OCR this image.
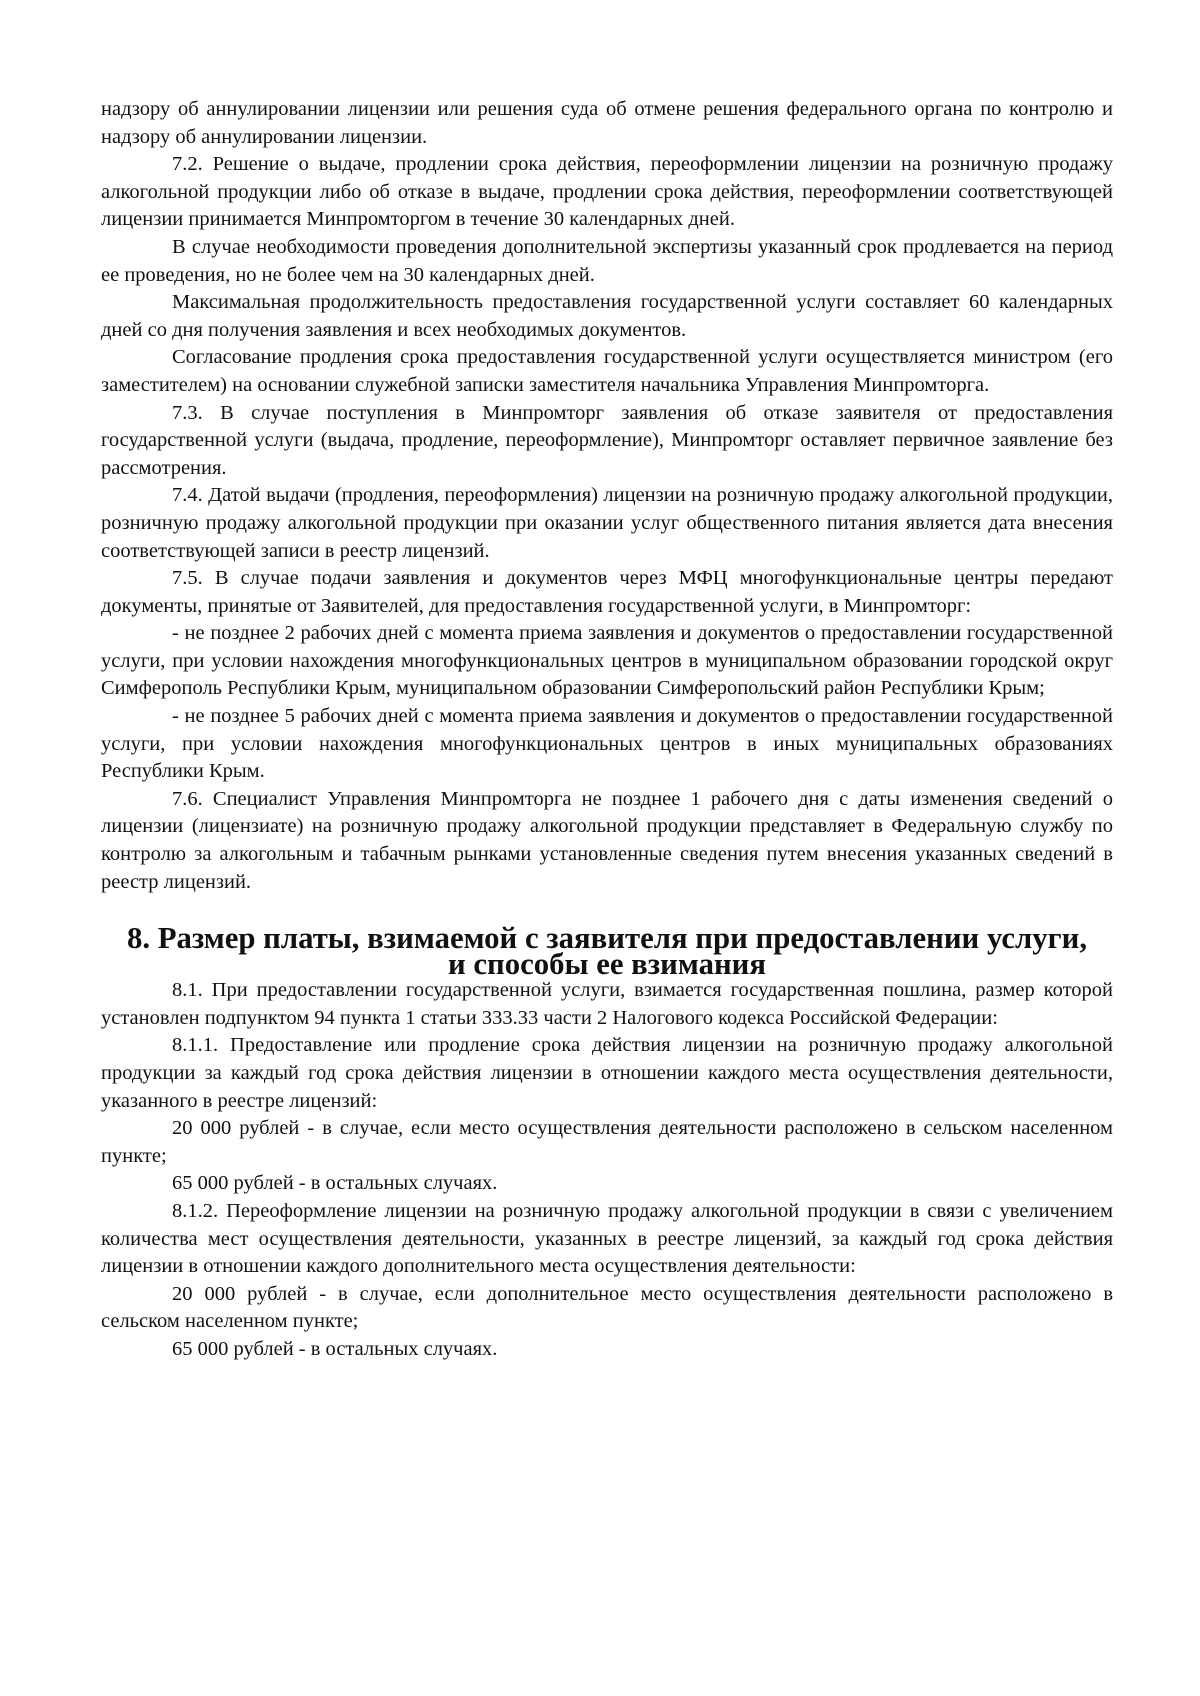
надзору об аннулировании лицензии или решения суда об отмене решения федерального органа по контролю и надзору об аннулировании лицензии.

7.2. Решение о выдаче, продлении срока действия, переоформлении лицензии на розничную продажу алкогольной продукции либо об отказе в выдаче, продлении срока действия, переоформлении соответствующей лицензии принимается Минпромторгом в течение 30 календарных дней.

В случае необходимости проведения дополнительной экспертизы указанный срок продлевается на период ее проведения, но не более чем на 30 календарных дней.

Максимальная продолжительность предоставления государственной услуги составляет 60 календарных дней со дня получения заявления и всех необходимых документов.

Согласование продления срока предоставления государственной услуги осуществляется министром (его заместителем) на основании служебной записки заместителя начальника Управления Минпромторга.

7.3. В случае поступления в Минпромторг заявления об отказе заявителя от предоставления государственной услуги (выдача, продление, переоформление), Минпромторг оставляет первичное заявление без рассмотрения.

7.4. Датой выдачи (продления, переоформления) лицензии на розничную продажу алкогольной продукции, розничную продажу алкогольной продукции при оказании услуг общественного питания является дата внесения соответствующей записи в реестр лицензий.

7.5. В случае подачи заявления и документов через МФЦ многофункциональные центры передают документы, принятые от Заявителей, для предоставления государственной услуги, в Минпромторг:

- не позднее 2 рабочих дней с момента приема заявления и документов о предоставлении государственной услуги, при условии нахождения многофункциональных центров в муниципальном образовании городской округ Симферополь Республики Крым, муниципальном образовании Симферопольский район Республики Крым;

- не позднее 5 рабочих дней с момента приема заявления и документов о предоставлении государственной услуги, при условии нахождения многофункциональных центров в иных муниципальных образованиях Республики Крым.

7.6. Специалист Управления Минпромторга не позднее 1 рабочего дня с даты изменения сведений о лицензии (лицензиате) на розничную продажу алкогольной продукции представляет в Федеральную службу по контролю за алкогольным и табачным рынками установленные сведения путем внесения указанных сведений в реестр лицензий.

8. Размер платы, взимаемой с заявителя при предоставлении услуги,
и способы ее взимания

8.1. При предоставлении государственной услуги, взимается государственная пошлина, размер которой установлен подпунктом 94 пункта 1 статьи 333.33 части 2 Налогового кодекса Российской Федерации:

8.1.1. Предоставление или продление срока действия лицензии на розничную продажу алкогольной продукции за каждый год срока действия лицензии в отношении каждого места осуществления деятельности, указанного в реестре лицензий:

20 000 рублей - в случае, если место осуществления деятельности расположено в сельском населенном пункте;

65 000 рублей - в остальных случаях.

8.1.2. Переоформление лицензии на розничную продажу алкогольной продукции в связи с увеличением количества мест осуществления деятельности, указанных в реестре лицензий, за каждый год срока действия лицензии в отношении каждого дополнительного места осуществления деятельности:

20 000 рублей - в случае, если дополнительное место осуществления деятельности расположено в сельском населенном пункте;

65 000 рублей - в остальных случаях.
